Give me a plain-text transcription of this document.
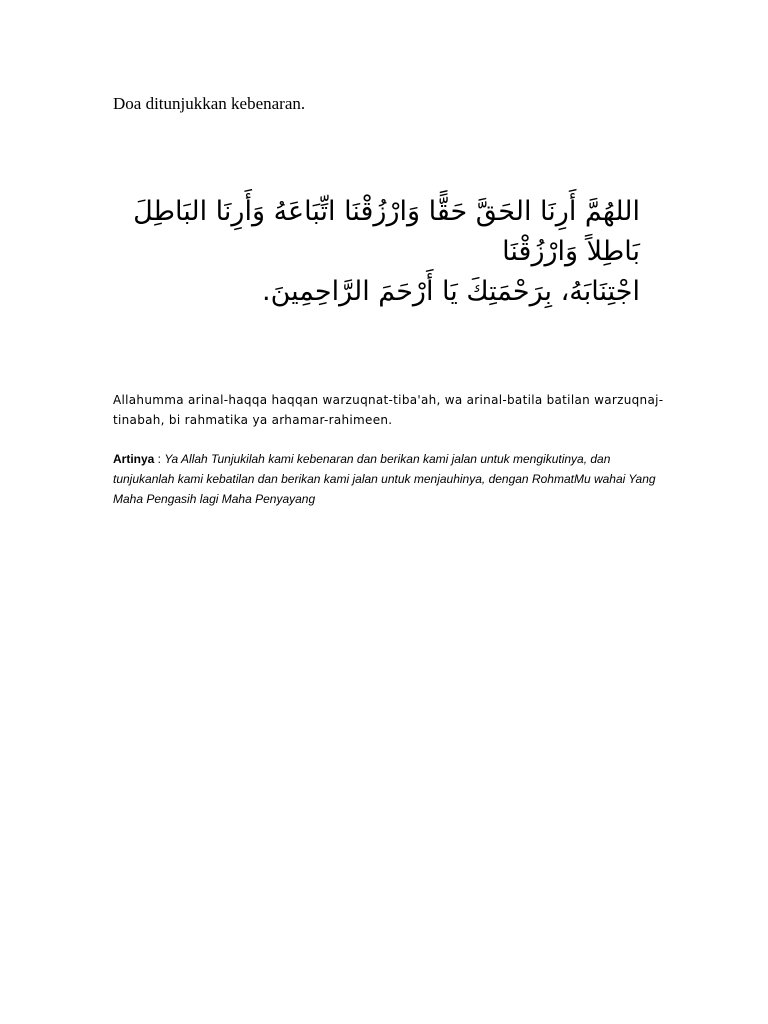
Doa ditunjukkan kebenaran.
اللهُمَّ أَرِنَا الحَقَّ حَقًّا وَارْزُقْنَا اتِّبَاعَهُ وَأَرِنَا البَاطِلَ
بَاطِلاً وَارْزُقْنَا
اجْتِنَابَهُ، بِرَحْمَتِكَ يَا أَرْحَمَ الرَّاحِمِينَ.
Allahumma arinal-haqqa haqqan warzuqnat-tiba'ah, wa arinal-batila batilan warzuqnaj-tinabah, bi rahmatika ya arhamar-rahimeen.
Artinya : Ya Allah Tunjukilah kami kebenaran dan berikan kami jalan untuk mengikutinya, dan tunjukanlah kami kebatilan dan berikan kami jalan untuk menjauhinya, dengan RohmatMu wahai Yang Maha Pengasih lagi Maha Penyayang
